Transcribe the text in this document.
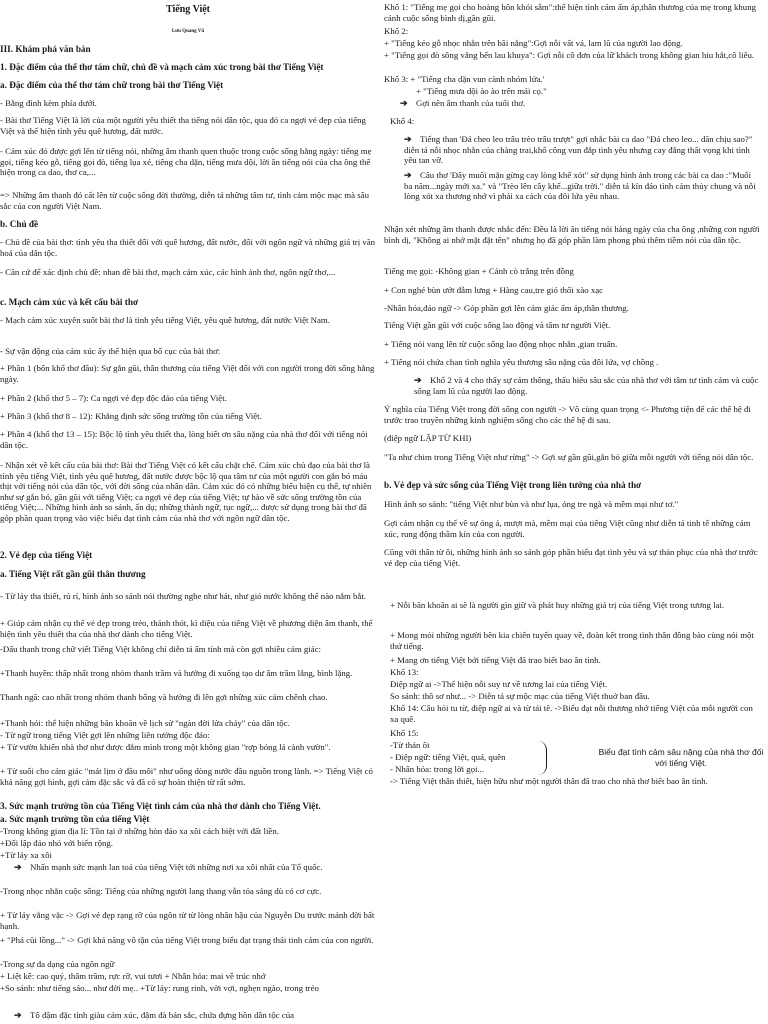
Tiếng Việt
Lưu Quang Vũ
III. Khám phá văn bản
1. Đặc điểm của thể thơ tám chữ, chủ đề và mạch cảm xúc trong bài thơ Tiếng Việt
a. Đặc điểm của thể thơ tám chữ trong bài thơ Tiếng Việt

- Bằng đỉnh kèm phía dưới.

- Bài thơ Tiếng Việt là lời của một người yêu thiết tha tiếng nói dân tộc, qua đó ca ngợi vẻ đẹp của tiếng Việt và thể hiện tình yêu quê hương, đất nước.

- Cảm xúc đó được gợi lên từ tiếng nói, những âm thanh quen thuộc trong cuộc sống hằng ngày: tiếng mẹ gọi, tiếng kéo gỗ, tiếng gọi đò, tiếng lụa xé, tiếng cha dặn, tiếng mưa dội, lời ân tiếng nói của cha ông thể hiện trong ca dao, thơ ca,...

=> Những âm thanh đó cất lên từ cuộc sống đời thường, diễn tả những tâm tư, tình cảm mộc mạc mà sâu sắc của con người Việt Nam.

b. Chủ đề

- Chủ đề của bài thơ: tình yêu tha thiết đối với quê hương, đất nước, đối với ngôn ngữ và những giá trị văn hoá của dân tộc.

- Căn cứ để xác định chủ đề: nhan đề bài thơ, mạch cảm xúc, các hình ảnh thơ, ngôn ngữ thơ,...

c. Mạch cảm xúc và kết cấu bài thơ

- Mạch cảm xúc xuyên suốt bài thơ là tình yêu tiếng Việt, yêu quê hương, đất nước Việt Nam.

- Sự vận động của cảm xúc ấy thể hiện qua bố cục của bài thơ:

+ Phần 1 (bốn khổ thơ đầu): Sự gắn gũi, thân thương của tiếng Việt đối với con người trong đời sống hằng ngày.

+ Phần 2 (khổ thơ 5 – 7): Ca ngợi vẻ đẹp độc đáo của tiếng Việt.

+ Phần 3 (khổ thơ 8 – 12): Khẳng định sức sống trường tồn của tiếng Việt.

+ Phần 4 (khổ thơ 13 – 15): Bộc lộ tình yêu thiết tha, lòng biết ơn sâu nặng của nhà thơ đối với tiếng nói dân tộc.

- Nhận xét về kết cấu của bài thơ: Bài thơ Tiếng Việt có kết cấu chặt chẽ. Cảm xúc chủ đạo của bài thơ là tình yêu tiếng Việt, tình yêu quê hương, đất nước được bộc lộ qua tâm tư của một người con gắn bó máu thịt với tiếng nói của dân tộc, với đời sống của nhân dân. Cảm xúc đó có những biểu hiện cụ thể, tự nhiên như sự gắn bó, gần gũi với tiếng Việt; ca ngợi vẻ đẹp của tiếng Việt; tự hào về sức sống trường tồn của tiếng Việt;... Những hình ảnh so sánh, ẩn dụ; những thành ngữ, tục ngữ,... được sử dụng trong bài thơ đã góp phần quan trọng vào việc biểu đạt tình cảm của nhà thơ với ngôn ngữ dân tộc.

2. Vẻ đẹp của tiếng Việt
a. Tiếng Việt rất gần gũi thân thương

- Từ láy tha thiết, rủ rỉ, hình ảnh so sánh nói thường nghe như hát, như gió nước không thể nào nắm bắt.

+ Giúp cảm nhận cụ thể vẻ đẹp trong trẻo, thánh thót, kì diệu của tiếng Việt về phương diện âm thanh, thể hiện tình yêu thiết tha của nhà thơ dành cho tiếng Việt.

-Dấu thanh trong chữ viết Tiếng Việt không chỉ diễn tả âm tính mà còn gợi nhiều cảm giác:

+Thanh huyền: thấp nhất trong nhóm thanh trầm và hướng đi xuống tạo dư âm trầm lắng, bình lặng.

Thanh ngã: cao nhất trong nhóm thanh bổng và hướng đi lên gợi những xúc cảm chênh chao.

+Thanh hỏi: thể hiện những băn khoăn về lịch sử "ngàn đời lửa cháy" của dân tộc.

- Từ ngữ trong tiếng Việt gợi lên những liên tưởng độc đáo:

+ Từ vườn khiến nhà thơ như được đắm mình trong một không gian "rợp bóng lá cành vườn".

+ Từ suối cho cảm giác "mát lịm ở đầu môi" như uống dòng nước đầu nguồn trong lành. => Tiếng Việt có khả năng gợi hình, gợi cảm đặc sắc và đã có sự hoàn thiện từ rất sớm.

3. Sức mạnh trường tồn của Tiếng Việt tình cảm của nhà thơ dành cho Tiếng Việt.
a. Sức mạnh trường tồn của tiếng Việt

-Trong không gian địa lí: Tồn tại ở những hòn đảo xa xôi cách biệt với đất liền.

+Đối lập đảo nhỏ với biển rộng.

+Từ láy xa xôi

➔ Nhấn mạnh sức mạnh lan toả của tiếng Việt tới những nơi xa xôi nhất của Tổ quốc.

-Trong nhọc nhằn cuộc sống: Tiếng của những người lang thang vẫn tỏa sáng dù có cơ cực.

+ Từ láy vằng vặc -> Gợi vẻ đẹp rạng rỡ của ngôn từ từ lòng nhân hậu của Nguyễn Du trước mảnh đời bất hạnh.

+ "Phá cũi lồng..." -> Gợi khả năng vô tận của tiếng Việt trong biểu đạt trạng thái tinh cảm của con người.

-Trong sự đa dạng của ngôn ngữ

+ Liệt kê: cao quý, thâm trầm, rực rỡ, vui tươi + Nhân hóa: mai về trúc nhớ

+So sánh: như tiếng sáo... như đời mẹ.. +Từ láy: rung rinh, vời vợi, nghẹn ngào, trong trẻo

➔ Tô đậm đặc tính giàu cảm xúc, đậm đà bản sắc, chứa đựng hồn dân tộc của

Khổ 1: "Tiếng mẹ gọi cho hoàng hôn khói sẫm":thể hiện tình cảm ấm áp,thân thương của mẹ trong khung cảnh cuộc sống bình dị,gần gũi.

Khổ 2:

+ "Tiếng kéo gỗ nhọc nhằn trên bãi nắng":Gợi nỗi vất vả, lam lũ của người lao động.

+ "Tiếng gọi đò sông vắng bến lau khuya": Gợi nỗi cô đơn của lữ khách trong không gian hiu hắt,cô liêu.

Khổ 3: + "Tiếng cha dặn vun cành nhóm lửa.'

+ "Tiếng mưa dội ào ào trên mái cọ."

➔ Gợi nên âm thanh của tuổi thơ.

Khổ 4:

➔ Tiếng than 'Đá cheo leo trâu trèo trâu trượt" gợi nhắc bài ca dao "Đá cheo leo... dãn chịu sao?" diễn tả nỗi nhọc nhằn của chàng trai,khổ công vun đắp tình yêu nhưng cay đắng thất vọng khi tình yêu tan vỡ.

➔ Câu thơ 'Đây muối mặn gừng cay lòng khế xót" sử dụng hình ảnh trong các bài ca dao :"Muối ba năm...ngày mới xa." và "Trèo lên cây khế...giữa trời." diễn tả kín đáo tình cảm thủy chung và nỗi lòng xót xa thương nhớ vì phải xa cách của đôi lứa yêu nhau.

Nhận xét những âm thanh được nhắc đến: Đều là lời ăn tiếng nói hàng ngày của cha ông ,những con người bình dị, "Không ai nhớ mặt đặt tên" nhưng họ đã góp phần làm phong phú thêm tiềm nói của dân tộc.

Tiếng mẹ gọi: -Không gian + Cánh cò trắng trên đồng

+ Con nghé bùn ướt đẫm lưng + Hàng cau,tre gió thổi xào xạc

-Nhân hóa,đảo ngữ -> Góp phần gợi lên cảm giác ấm áp,thân thương.

Tiếng Việt gần gũi với cuộc sống lao động và tâm tư người Việt.

+ Tiếng nói vang lên từ cuộc sống lao động nhọc nhằn ,gian truân.

+ Tiếng nói chứa chan tình nghĩa yêu thương sâu nặng của đôi lứa, vợ chồng .

➔ Khổ 2 và 4 cho thấy sự cảm thông, thấu hiểu sâu sắc của nhà thơ với tâm tư tình cảm và cuộc sống lam lũ của người lao động.

Ý nghĩa của Tiếng Việt trong đời sống con người -> Vô cùng quan trọng <- Phương tiện để các thế hệ đi trước trao truyền những kinh nghiệm sống cho các thế hệ đi sau.

(điệp ngữ LẶP TỪ KHI)

"Ta như chim trong Tiếng Việt như rừng" -> Gợi sự gần gũi,gắn bó giữa mỗi người với tiếng nói dân tộc.

b. Vẻ đẹp và sức sống của Tiếng Việt trong liên tưởng của nhà thơ

Hình ảnh so sánh: "tiếng Việt như bùn và như lụa, óng tre ngà và mềm mại như tơ."

Gợi cảm nhận cụ thể về sự óng ả, mượt mà, mềm mại của tiếng Việt cũng như diễn tả tinh tế những cảm xúc, rung động thầm kín của con người.

Cũng với thân từ ôi, những hình ảnh so sánh góp phần biểu đạt tình yêu và sự thán phục của nhà thơ trước vẻ đẹp của tiếng Việt.

+ Nỗi băn khoăn ai sẽ là người gìn giữ và phát huy những giá trị của tiếng Việt trong tương lai.

+ Mong mỏi những người bên kia chiến tuyến quay về, đoàn kết trong tình thân đồng bào cùng nói một thứ tiếng.

+ Mang ơn tiếng Việt bởi tiếng Việt đã trao biết bao ân tình.

Khổ 13:

Điệp ngữ ai ->Thể hiện nỗi suy tư về tương lai của tiếng Việt.

So sánh: thô sơ như... -> Diễn tả sự mộc mạc của tiếng Việt thuở ban đầu.

Khổ 14: Câu hỏi tu từ, điệp ngữ ai và từ tái tê. ->Biểu đạt nỗi thương nhớ tiếng Việt của mỗi người con xa quê.

Khổ 15:

-Từ thán ôi

- Điệp ngữ: tiếng Việt, quá, quên

- Nhân hóa: trong lời gọi...

-> Tiếng Việt thân thiết, hiện hữu như một người thân đã trao cho nhà thơ biết bao ân tình.

Biểu đạt tình cảm sâu nặng của nhà thơ đối với tiếng Việt.
